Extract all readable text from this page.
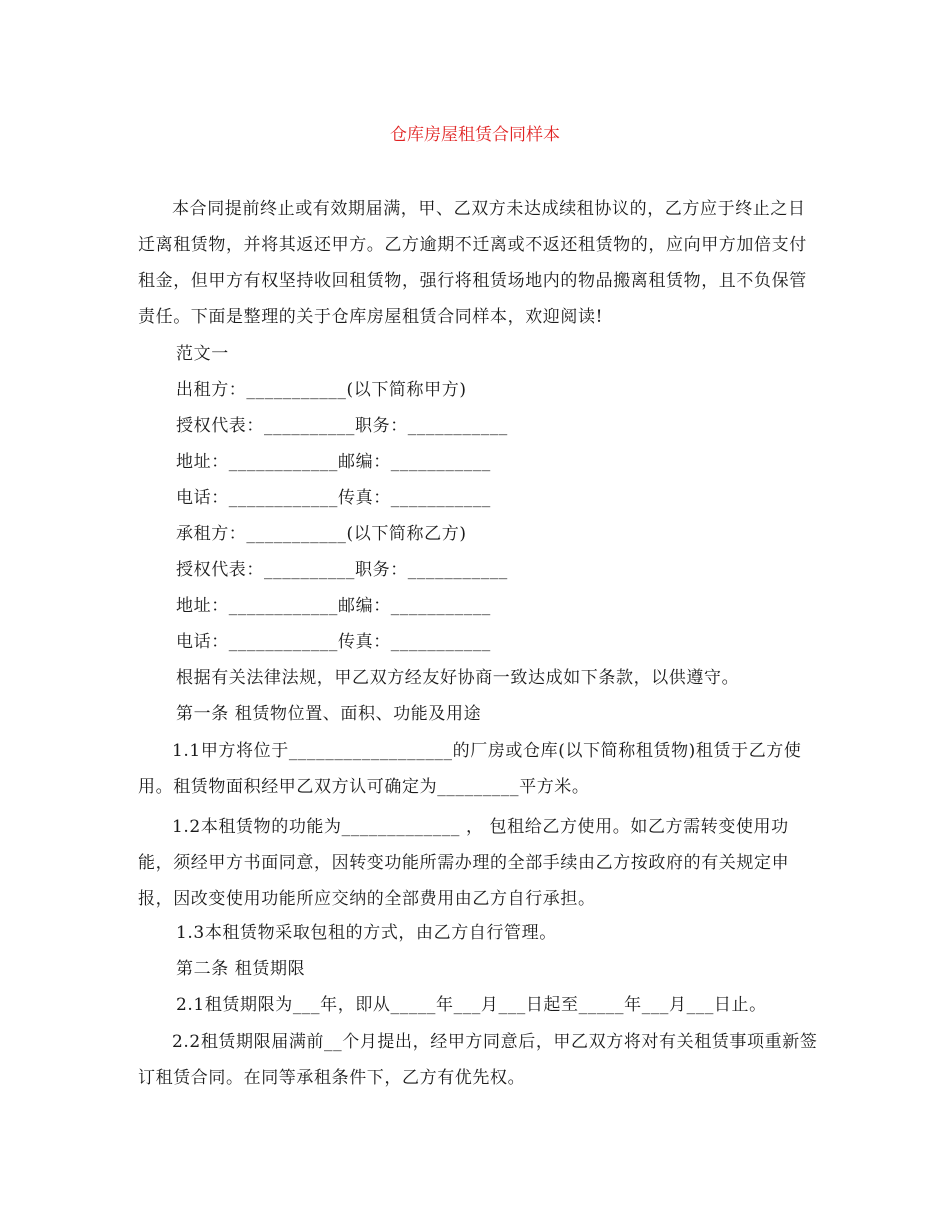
仓库房屋租赁合同样本

本合同提前终止或有效期届满，甲、乙双方未达成续租协议的，乙方应于终止之日迁离租赁物，并将其返还甲方。乙方逾期不迁离或不返还租赁物的，应向甲方加倍支付租金，但甲方有权坚持收回租赁物，强行将租赁场地内的物品搬离租赁物，且不负保管责任。下面是整理的关于仓库房屋租赁合同样本，欢迎阅读!

范文一
出租方：___________(以下简称甲方)
授权代表：__________职务：___________
地址：____________邮编：___________
电话：____________传真：___________
承租方：___________(以下简称乙方)
授权代表：__________职务：___________
地址：____________邮编：___________
电话：____________传真：___________
根据有关法律法规，甲乙双方经友好协商一致达成如下条款，以供遵守。
第一条 租赁物位置、面积、功能及用途

1.1甲方将位于__________________的厂房或仓库(以下简称租赁物)租赁于乙方使用。租赁物面积经甲乙双方认可确定为_________平方米。

1.2本租赁物的功能为_____________ ， 包租给乙方使用。如乙方需转变使用功能，须经甲方书面同意，因转变功能所需办理的全部手续由乙方按政府的有关规定申报，因改变使用功能所应交纳的全部费用由乙方自行承担。

1.3本租赁物采取包租的方式，由乙方自行管理。
第二条 租赁期限
2.1租赁期限为___年，即从_____年___月___日起至_____年___月___日止。

2.2租赁期限届满前__个月提出，经甲方同意后，甲乙双方将对有关租赁事项重新签订租赁合同。在同等承租条件下，乙方有优先权。
